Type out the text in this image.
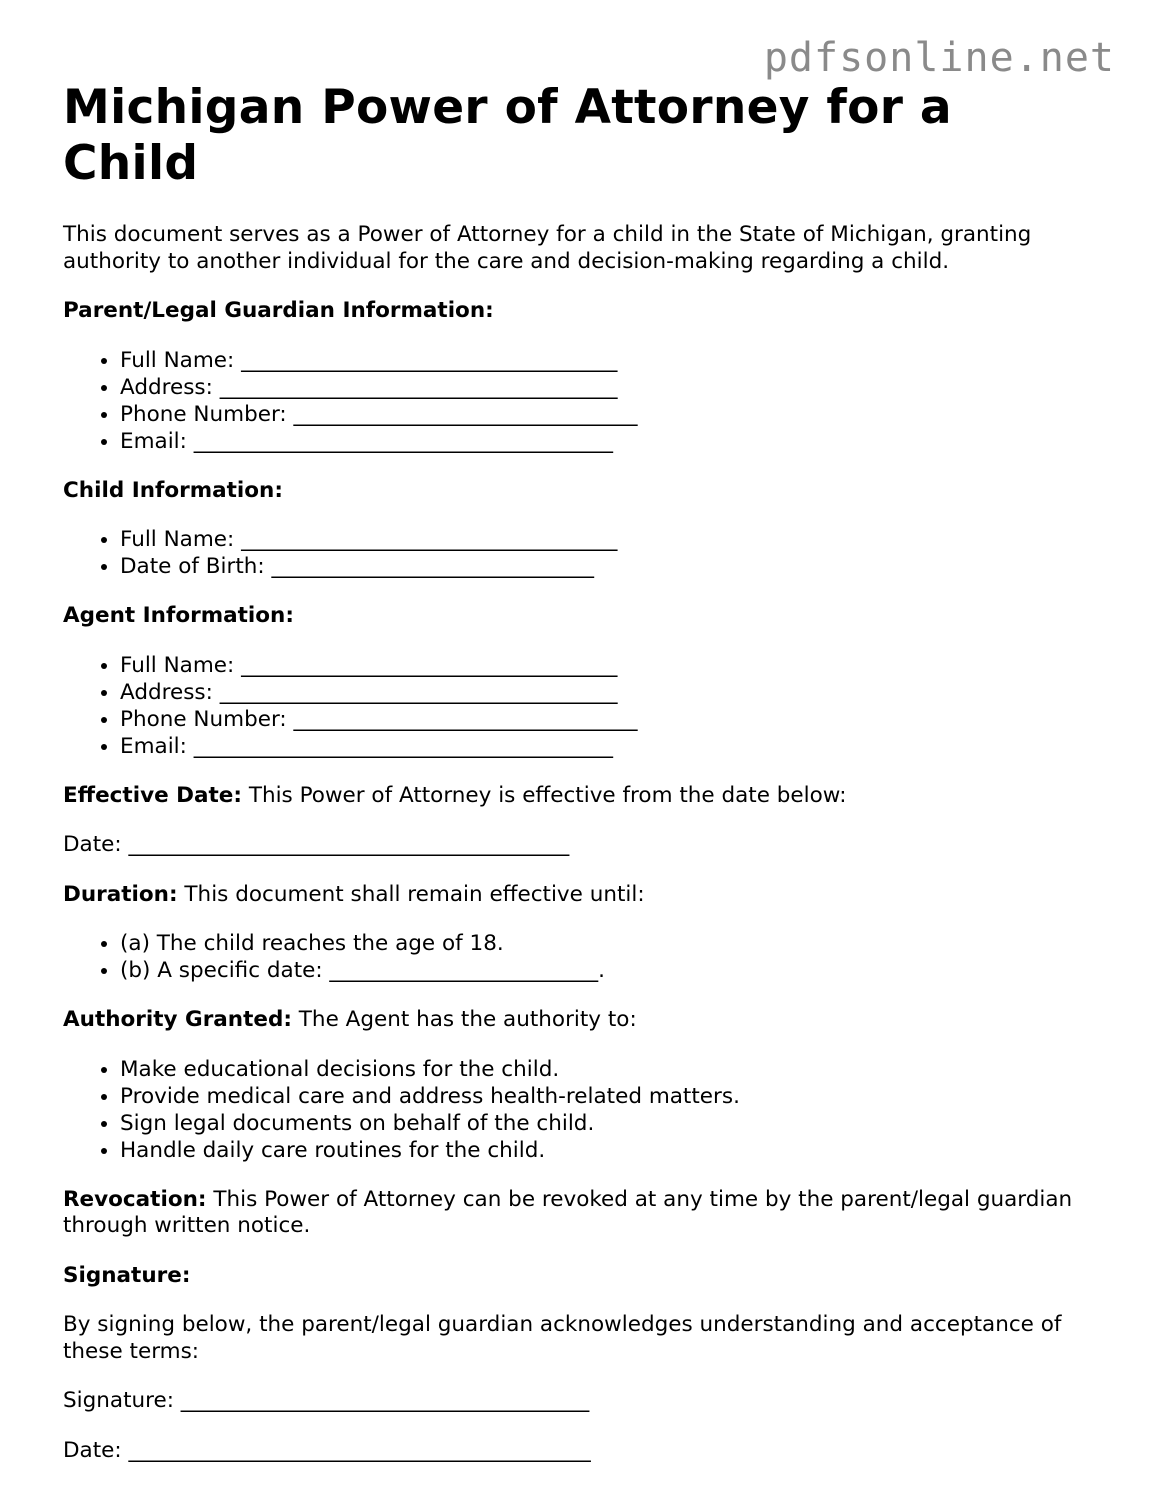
pdfsonline.net
Michigan Power of Attorney for a Child

This document serves as a Power of Attorney for a child in the State of Michigan, granting authority to another individual for the care and decision-making regarding a child.

Parent/Legal Guardian Information:
• Full Name: ___________________________________
• Address: _____________________________________
• Phone Number: ________________________________
• Email: _______________________________________
Child Information:
• Full Name: ___________________________________
• Date of Birth: ______________________________
Agent Information:
• Full Name: ___________________________________
• Address: _____________________________________
• Phone Number: ________________________________
• Email: _______________________________________

Effective Date: This Power of Attorney is effective from the date below:

Date: _________________________________________

Duration: This document shall remain effective until:

• (a) The child reaches the age of 18.
• (b) A specific date: _________________________.

Authority Granted: The Agent has the authority to:

• Make educational decisions for the child.
• Provide medical care and address health-related matters.
• Sign legal documents on behalf of the child.
• Handle daily care routines for the child.

Revocation: This Power of Attorney can be revoked at any time by the parent/legal guardian through written notice.

Signature:

By signing below, the parent/legal guardian acknowledges understanding and acceptance of these terms:

Signature: ______________________________________

Date: ___________________________________________
